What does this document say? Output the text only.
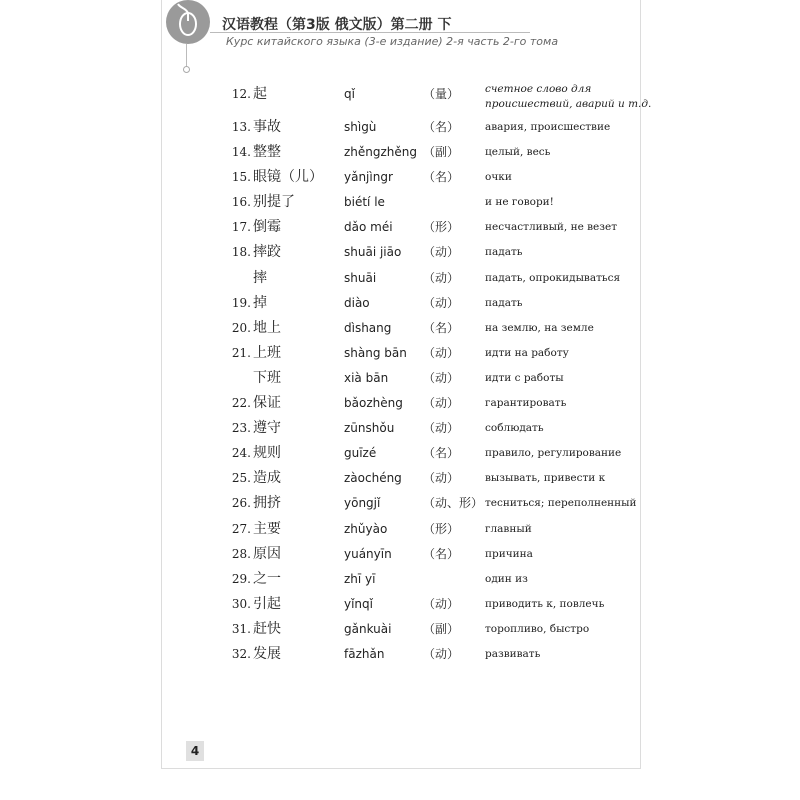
汉语教程（第3版 俄文版）第二册 下
Курс китайского языка (3-е издание) 2-я часть 2-го тома
12. 起	qǐ	（量） счетное слово для происшествий, аварий и т.д.
13. 事故	shìgù	（名） авария, происшествие
14. 整整	zhěngzhěng （副） целый, весь
15. 眼镜（儿） yǎnjìngr	（名） очки
16. 别提了	biétí le	и не говори!
17. 倒霉	dǎo méi	（形） несчастливый, не везет
18. 摔跤	shuāi jiāo （动） падать
摔	shuāi	（动） падать, опрокидываться
19. 掉	diào	（动） падать
20. 地上	dìshang	（名） на землю, на земле
21. 上班	shàng bān （动） идти на работу
下班	xià bān	（动） идти с работы
22. 保证	bǎozhèng （动） гарантировать
23. 遵守	zūnshǒu （动） соблюдать
24. 规则	guīzé	（名） правило, регулирование
25. 造成	zàochéng （动） вызывать, привести к
26. 拥挤	yōngjǐ	（动、形） тесниться; переполненный
27. 主要	zhǔyào	（形） главный
28. 原因	yuányīn	（名） причина
29. 之一	zhī yī	один из
30. 引起	yǐnqǐ	（动） приводить к, повлечь
31. 赶快	gǎnkuài	（副） торопливо, быстро
32. 发展	fāzhǎn	（动） развивать
4
